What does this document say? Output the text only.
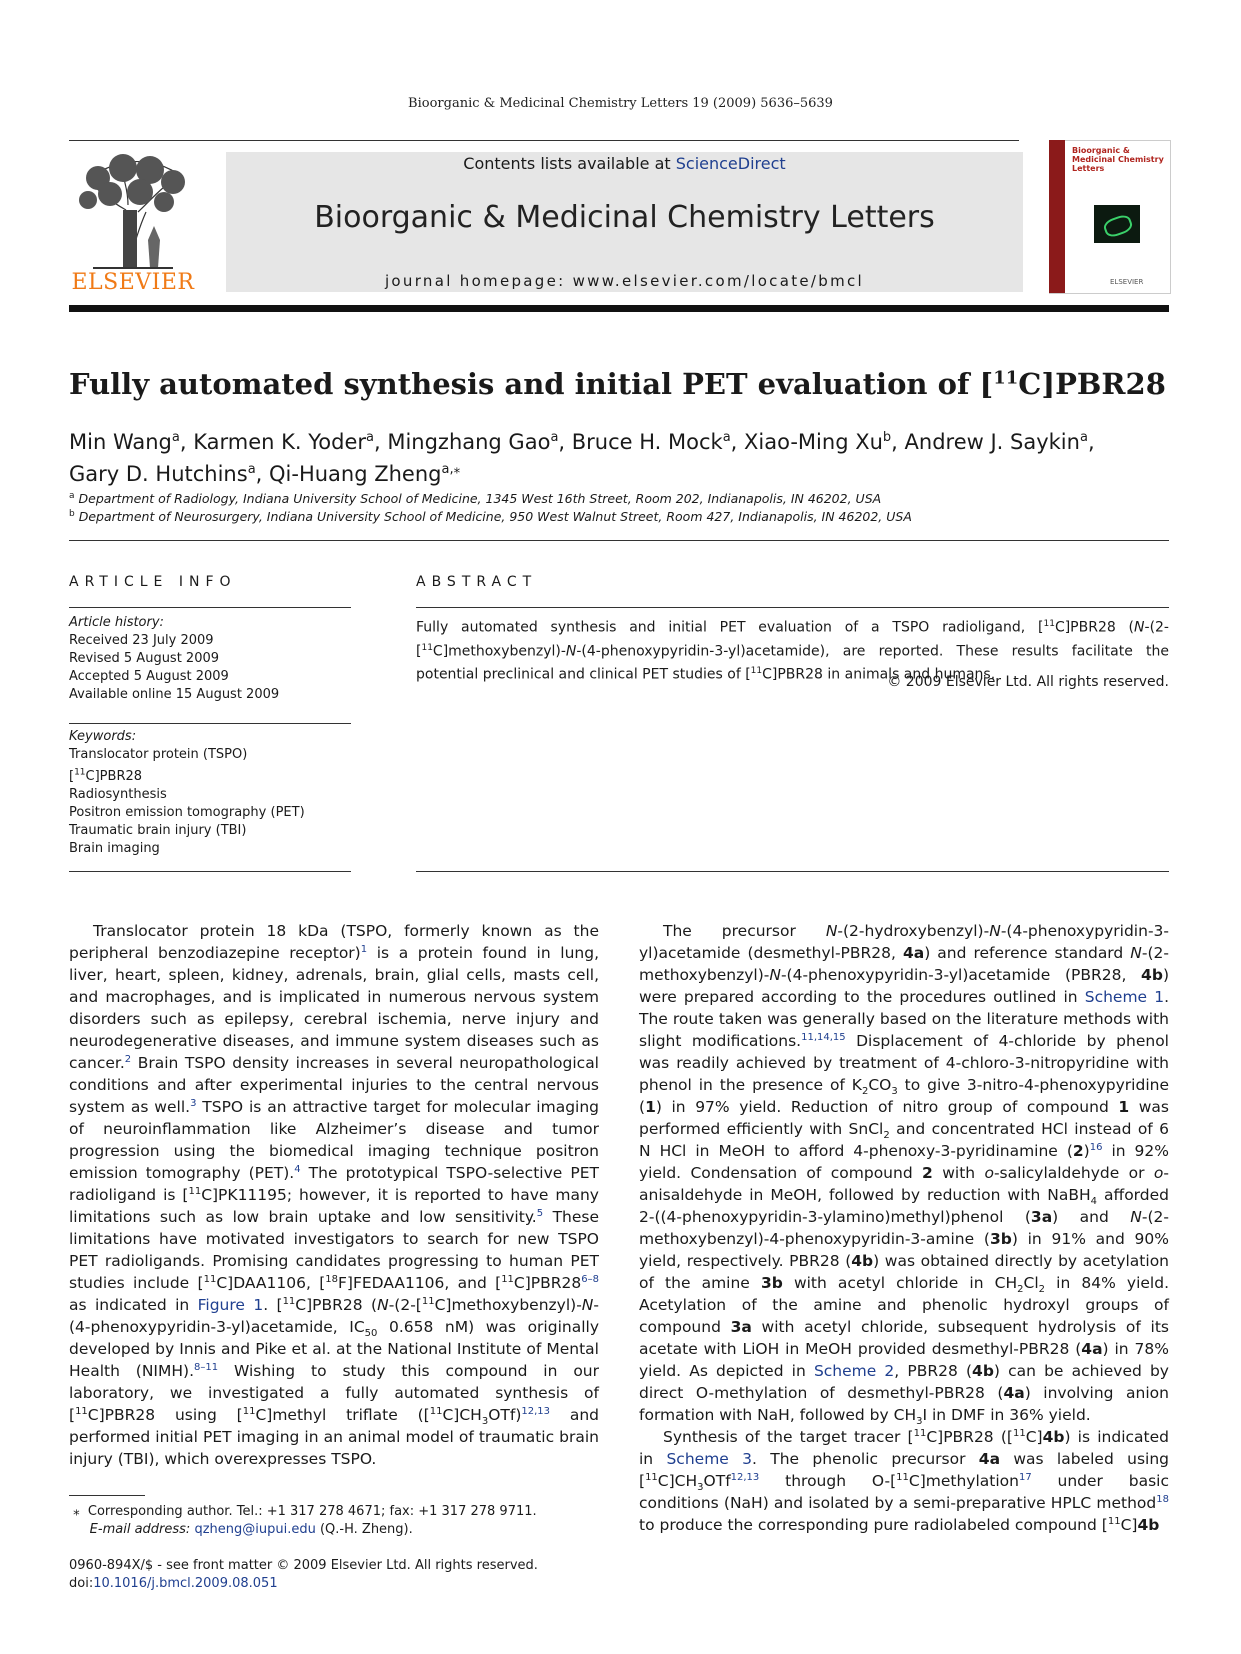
Bioorganic & Medicinal Chemistry Letters 19 (2009) 5636–5639
ELSEVIER
Contents lists available at ScienceDirect
Bioorganic & Medicinal Chemistry Letters
journal homepage: www.elsevier.com/locate/bmcl
Bioorganic & Medicinal Chemistry Letters
ELSEVIER
Fully automated synthesis and initial PET evaluation of [$^{11}$C]PBR28
Min Wang$^a$, Karmen K. Yoder$^a$, Mingzhang Gao$^a$, Bruce H. Mock$^a$, Xiao-Ming Xu$^b$, Andrew J. Saykin$^a$,
Gary D. Hutchins$^a$, Qi-Huang Zheng$^{a,⁎}$
$^a$ Department of Radiology, Indiana University School of Medicine, 1345 West 16th Street, Room 202, Indianapolis, IN 46202, USA
$^b$ Department of Neurosurgery, Indiana University School of Medicine, 950 West Walnut Street, Room 427, Indianapolis, IN 46202, USA
ARTICLE INFO	ABSTRACT
Article history:
Received 23 July 2009
Revised 5 August 2009
Accepted 5 August 2009
Available online 15 August 2009
Keywords:
Translocator protein (TSPO)
[$^{11}$C]PBR28
Radiosynthesis
Positron emission tomography (PET)
Traumatic brain injury (TBI)
Brain imaging
Fully automated synthesis and initial PET evaluation of a TSPO radioligand, [$^{11}$C]PBR28 (N-(2-[$^{11}$C]methoxybenzyl)-N-(4-phenoxypyridin-3-yl)acetamide), are reported. These results facilitate the potential preclinical and clinical PET studies of [$^{11}$C]PBR28 in animals and humans.
© 2009 Elsevier Ltd. All rights reserved.

Translocator protein 18 kDa (TSPO, formerly known as the peripheral benzodiazepine receptor)$^1$ is a protein found in lung, liver, heart, spleen, kidney, adrenals, brain, glial cells, masts cell, and macrophages, and is implicated in numerous nervous system disorders such as epilepsy, cerebral ischemia, nerve injury and neurodegenerative diseases, and immune system diseases such as cancer.$^2$ Brain TSPO density increases in several neuropathological conditions and after experimental injuries to the central nervous system as well.$^3$ TSPO is an attractive target for molecular imaging of neuroinflammation like Alzheimer’s disease and tumor progression using the biomedical imaging technique positron emission tomography (PET).$^4$ The prototypical TSPO-selective PET radioligand is [$^{11}$C]PK11195; however, it is reported to have many limitations such as low brain uptake and low sensitivity.$^5$ These limitations have motivated investigators to search for new TSPO PET radioligands. Promising candidates progressing to human PET studies include [$^{11}$C]DAA1106, [$^{18}$F]FEDAA1106, and [$^{11}$C]PBR28$^{6-8}$ as indicated in Figure 1. [$^{11}$C]PBR28 (N-(2-[$^{11}$C]methoxybenzyl)-N-(4-phenoxypyridin-3-yl)acetamide, $IC_{50}$ 0.658 nM) was originally developed by Innis and Pike et al. at the National Institute of Mental Health (NIMH).$^{8-11}$ Wishing to study this compound in our laboratory, we investigated a fully automated synthesis of [$^{11}$C]PBR28 using [$^{11}$C]methyl triflate $([^{11}C]CH_3OTf)^{12,13}$ and performed initial PET imaging in an animal model of traumatic brain injury (TBI), which overexpresses TSPO.

The precursor N-(2-hydroxybenzyl)-N-(4-phenoxypyridin-3-yl)acetamide (desmethyl-PBR28, 4a) and reference standard N-(2-methoxybenzyl)-N-(4-phenoxypyridin-3-yl)acetamide (PBR28, 4b) were prepared according to the procedures outlined in Scheme 1. The route taken was generally based on the literature methods with slight modifications.$^{11,14,15}$ Displacement of 4-chloride by phenol was readily achieved by treatment of 4-chloro-3-nitropyridine with phenol in the presence of $K_2CO_3$ to give 3-nitro-4-phenoxypyridine (1) in 97% yield. Reduction of nitro group of compound 1 was performed efficiently with SnCl$_2$ and concentrated HCl instead of 6 N HCl in MeOH to afford 4-phenoxy-3-pyridinamine $(2)^{16}$ in 92% yield. Condensation of compound 2 with o-salicylaldehyde or o-anisaldehyde in MeOH, followed by reduction with NaBH$_4$ afforded 2-((4-phenoxypyridin-3-ylamino)methyl)phenol (3a) and N-(2-methoxybenzyl)-4-phenoxypyridin-3-amine (3b) in 91% and 90% yield, respectively. PBR28 (4b) was obtained directly by acetylation of the amine 3b with acetyl chloride in $CH_2Cl_2$ in 84% yield. Acetylation of the amine and phenolic hydroxyl groups of compound 3a with acetyl chloride, subsequent hydrolysis of its acetate with LiOH in MeOH provided desmethyl-PBR28 (4a) in 78% yield. As depicted in Scheme 2, PBR28 (4b) can be achieved by direct O-methylation of desmethyl-PBR28 (4a) involving anion formation with NaH, followed by $CH_3I$ in DMF in 36% yield.

Synthesis of the target tracer [$^{11}$C]PBR28 ([$^{11}$C]4b) is indicated in Scheme 3. The phenolic precursor 4a was labeled using $[^{11}C]CH_3OTf^{12,13}$ through O-[$^{11}$C]methylation$^{17}$ under basic conditions (NaH) and isolated by a semi-preparative HPLC method$^{18}$ to produce the corresponding pure radiolabeled compound [$^{11}$C]4b

⁎  Corresponding author. Tel.: +1 317 278 4671; fax: +1 317 278 9711.
E-mail address: qzheng@iupui.edu (Q.-H. Zheng).
0960-894X/$ - see front matter © 2009 Elsevier Ltd. All rights reserved.
doi:10.1016/j.bmcl.2009.08.051
